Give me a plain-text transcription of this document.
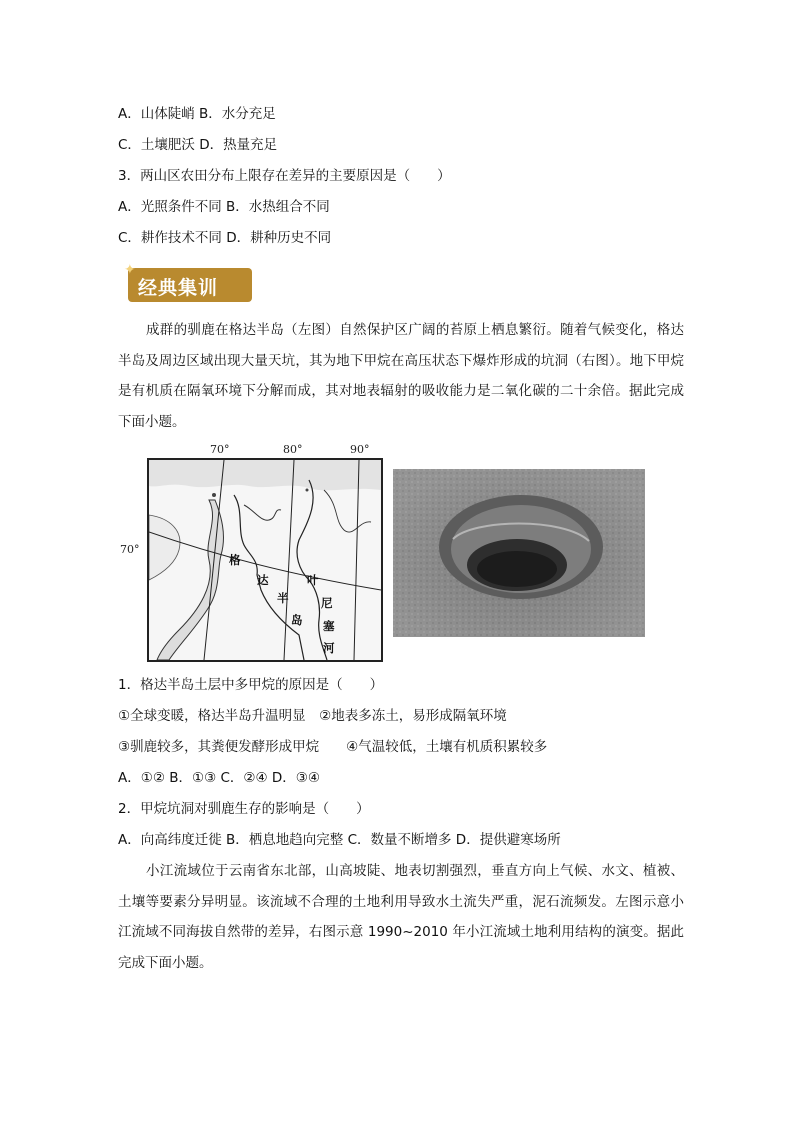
A．山体陡峭 B．水分充足
C．土壤肥沃 D．热量充足
3．两山区农田分布上限存在差异的主要原因是（　　）
A．光照条件不同 B．水热组合不同
C．耕作技术不同 D．耕种历史不同
✦
经典集训
成群的驯鹿在格达半岛（左图）自然保护区广阔的苔原上栖息繁衍。随着气候变化，格达半岛及周边区域出现大量天坑，其为地下甲烷在高压状态下爆炸形成的坑洞（右图）。地下甲烷是有机质在隔氧环境下分解而成，其对地表辐射的吸收能力是二氧化碳的二十余倍。据此完成下面小题。
70°	80°	90°
70°
格
达
半
岛
叶
尼
塞
河
1．格达半岛土层中多甲烷的原因是（　　）
①全球变暖，格达半岛升温明显　②地表多冻土，易形成隔氧环境
③驯鹿较多，其粪便发酵形成甲烷　　④气温较低，土壤有机质积累较多
A．①② B．①③ C．②④ D．③④
2．甲烷坑洞对驯鹿生存的影响是（　　）
A．向高纬度迁徙 B．栖息地趋向完整 C．数量不断增多 D．提供避寒场所
小江流域位于云南省东北部，山高坡陡、地表切割强烈，垂直方向上气候、水文、植被、土壤等要素分异明显。该流域不合理的土地利用导致水土流失严重，泥石流频发。左图示意小江流域不同海拔自然带的差异，右图示意 1990~2010 年小江流域土地利用结构的演变。据此完成下面小题。
